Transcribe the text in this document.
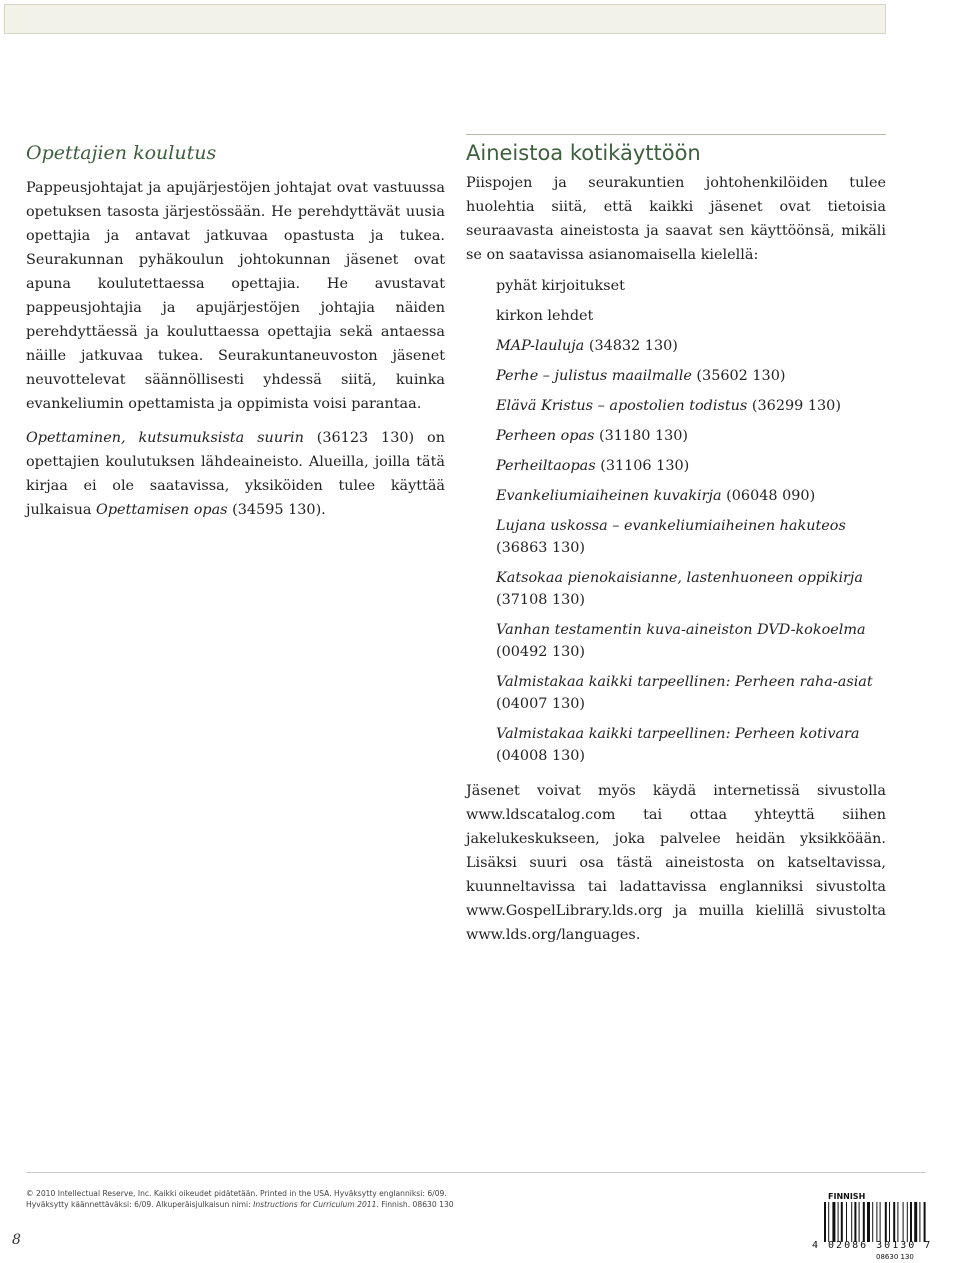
Opettajien koulutus

Pappeusjohtajat ja apujärjestöjen johtajat ovat vastuussa opetuksen tasosta järjestössään. He perehdyttävät uusia opettajia ja antavat jatkuvaa opastusta ja tukea. Seurakunnan pyhäkoulun johtokunnan jäsenet ovat apuna koulutettaessa opettajia. He avustavat pappeusjohtajia ja apujärjestöjen johtajia näiden perehdyttäessä ja kouluttaessa opettajia sekä antaessa näille jatkuvaa tukea. Seurakuntaneuvoston jäsenet neuvottelevat säännöllisesti yhdessä siitä, kuinka evankeliumin opettamista ja oppimista voisi parantaa.

Opettaminen, kutsumuksista suurin (36123 130) on opettajien koulutuksen lähdeaineisto. Alueilla, joilla tätä kirjaa ei ole saatavissa, yksiköiden tulee käyttää julkaisua Opettamisen opas (34595 130).

Aineistoa kotikäyttöön

Piispojen ja seurakuntien johtohenkilöiden tulee huolehtia siitä, että kaikki jäsenet ovat tietoisia seuraavasta aineistosta ja saavat sen käyttöönsä, mikäli se on saatavissa asianomaisella kielellä:

pyhät kirjoitukset
kirkon lehdet
MAP-lauluja (34832 130)
Perhe – julistus maailmalle (35602 130)
Elävä Kristus – apostolien todistus (36299 130)
Perheen opas (31180 130)
Perheiltaopas (31106 130)
Evankeliumiaiheinen kuvakirja (06048 090)
Lujana uskossa – evankeliumiaiheinen hakuteos (36863 130)
Katsokaa pienokaisianne, lastenhuoneen oppikirja (37108 130)
Vanhan testamentin kuva-aineiston DVD-kokoelma (00492 130)
Valmistakaa kaikki tarpeellinen: Perheen raha-asiat (04007 130)
Valmistakaa kaikki tarpeellinen: Perheen kotivara (04008 130)

Jäsenet voivat myös käydä internetissä sivustolla www.ldscatalog.com tai ottaa yhteyttä siihen jakelukeskukseen, joka palvelee heidän yksikköään. Lisäksi suuri osa tästä aineistosta on katseltavissa, kuunneltavissa tai ladattavissa englanniksi sivustolta www.GospelLibrary.lds.org ja muilla kielillä sivustolta www.lds.org/languages.

© 2010 Intellectual Reserve, Inc. Kaikki oikeudet pidätetään. Printed in the USA. Hyväksytty englanniksi: 6/09.
Hyväksytty käännettäväksi: 6/09. Alkuperäisjulkaisun nimi: Instructions for Curriculum 2011. Finnish. 08630 130
8
FINNISH
4 02086 30130 7
08630 130
